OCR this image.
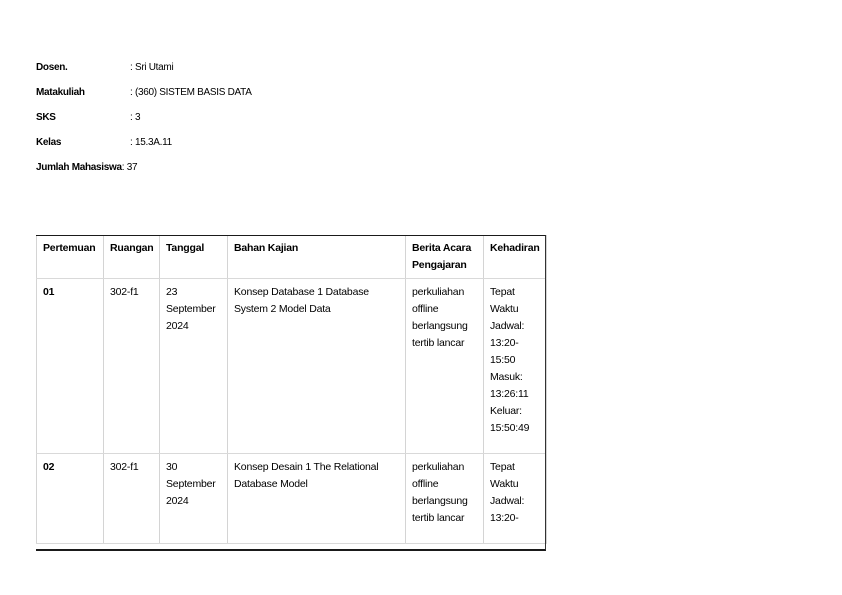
Dosen.	: Sri Utami
Matakuliah	: (360) SISTEM BASIS DATA
SKS	: 3
Kelas	: 15.3A.11
Jumlah Mahasiswa : 37
Pertemuan	Ruangan	Tanggal	Bahan Kajian	Berita Acara Pengajaran	Kehadiran
01	302-f1	23 September 2024	Konsep Database 1 Database System 2 Model Data	perkuliahan offline berlangsung tertib lancar	Tepat Waktu Jadwal: 13:20-15:50 Masuk: 13:26:11 Keluar: 15:50:49
02	302-f1	30 September 2024	Konsep Desain 1 The Relational Database Model	perkuliahan offline berlangsung tertib lancar	Tepat Waktu Jadwal: 13:20-
